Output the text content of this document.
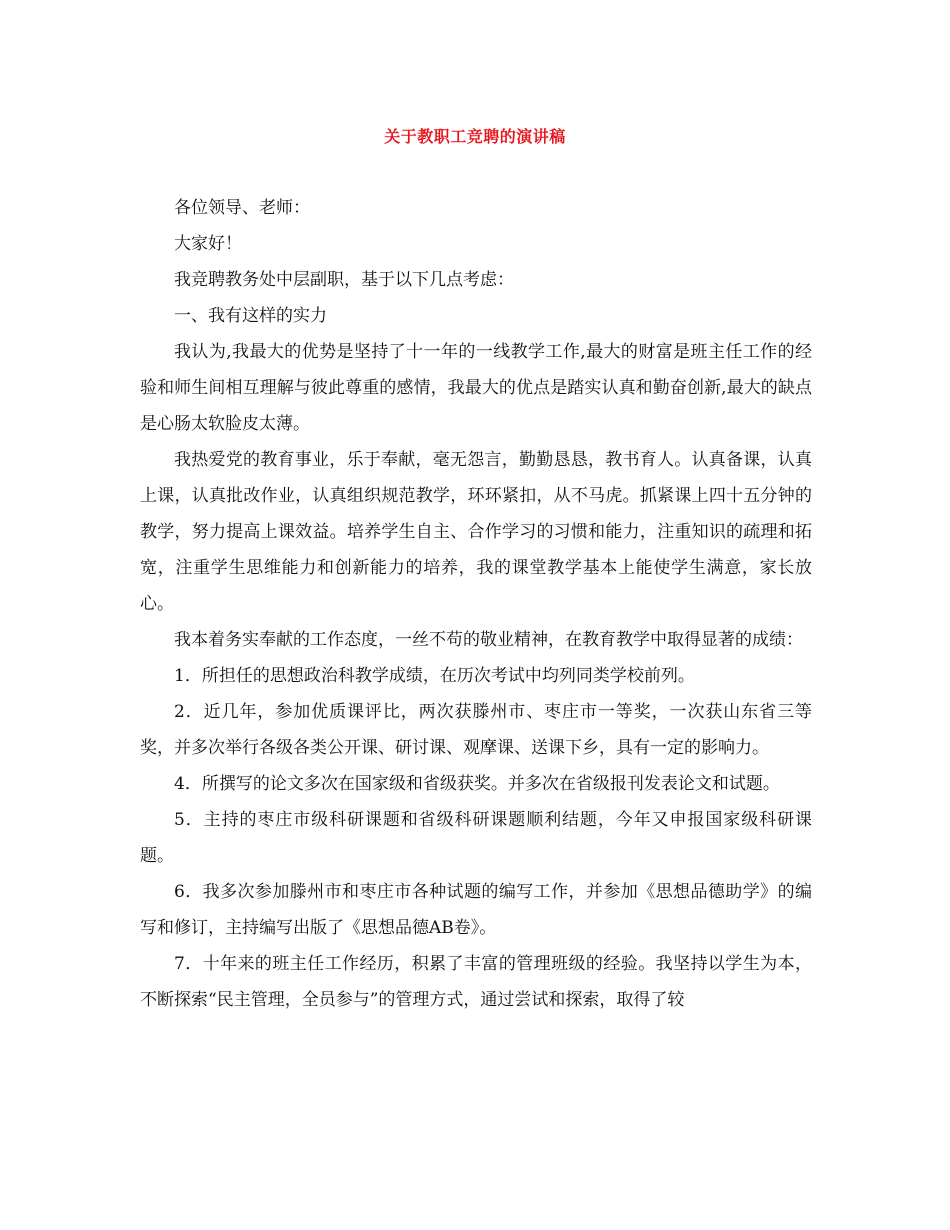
关于教职工竞聘的演讲稿

各位领导、老师：

大家好！

我竞聘教务处中层副职，基于以下几点考虑：

一、我有这样的实力

我认为,我最大的优势是坚持了十一年的一线教学工作,最大的财富是班主任工作的经验和师生间相互理解与彼此尊重的感情，我最大的优点是踏实认真和勤奋创新,最大的缺点是心肠太软脸皮太薄。

我热爱党的教育事业，乐于奉献，毫无怨言，勤勤恳恳，教书育人。认真备课，认真上课，认真批改作业，认真组织规范教学，环环紧扣，从不马虎。抓紧课上四十五分钟的教学，努力提高上课效益。培养学生自主、合作学习的习惯和能力，注重知识的疏理和拓宽，注重学生思维能力和创新能力的培养，我的课堂教学基本上能使学生满意，家长放心。

我本着务实奉献的工作态度，一丝不苟的敬业精神，在教育教学中取得显著的成绩：

1．所担任的思想政治科教学成绩，在历次考试中均列同类学校前列。

2．近几年，参加优质课评比，两次获滕州市、枣庄市一等奖，一次获山东省三等奖，并多次举行各级各类公开课、研讨课、观摩课、送课下乡，具有一定的影响力。

4．所撰写的论文多次在国家级和省级获奖。并多次在省级报刊发表论文和试题。

5．主持的枣庄市级科研课题和省级科研课题顺利结题，今年又申报国家级科研课题。

6．我多次参加滕州市和枣庄市各种试题的编写工作，并参加《思想品德助学》的编写和修订，主持编写出版了《思想品德AB卷》。

7．十年来的班主任工作经历，积累了丰富的管理班级的经验。我坚持以学生为本，不断探索“民主管理，全员参与”的管理方式，通过尝试和探索，取得了较
